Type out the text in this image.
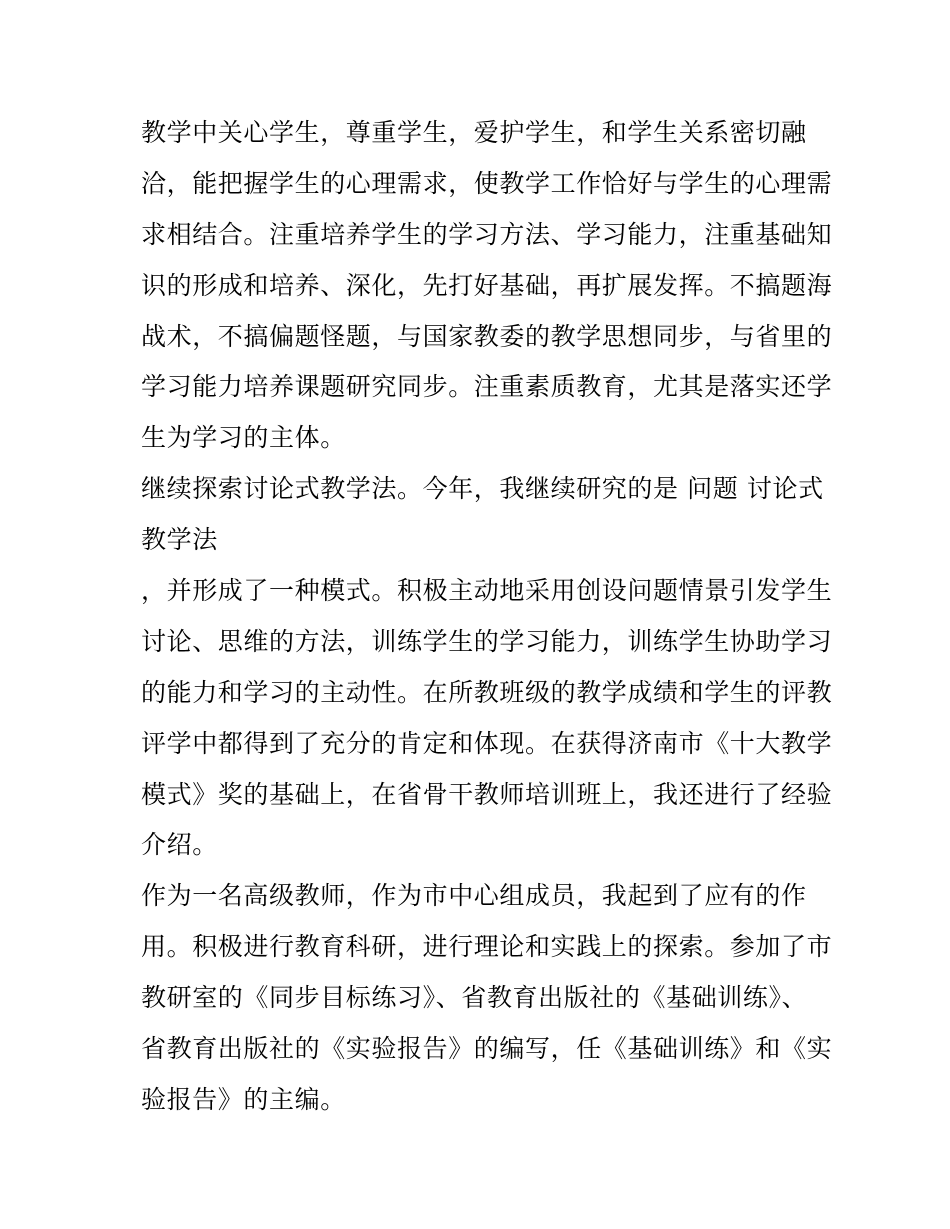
教学中关心学生，尊重学生，爱护学生，和学生关系密切融
洽，能把握学生的心理需求，使教学工作恰好与学生的心理需
求相结合。注重培养学生的学习方法、学习能力，注重基础知
识的形成和培养、深化，先打好基础，再扩展发挥。不搞题海
战术，不搞偏题怪题，与国家教委的教学思想同步，与省里的
学习能力培养课题研究同步。注重素质教育，尤其是落实还学
生为学习的主体。
继续探索讨论式教学法。今年，我继续研究的是 问题 讨论式
教学法
，并形成了一种模式。积极主动地采用创设问题情景引发学生
讨论、思维的方法，训练学生的学习能力，训练学生协助学习
的能力和学习的主动性。在所教班级的教学成绩和学生的评教
评学中都得到了充分的肯定和体现。在获得济南市《十大教学
模式》奖的基础上，在省骨干教师培训班上，我还进行了经验
介绍。
作为一名高级教师，作为市中心组成员，我起到了应有的作
用。积极进行教育科研，进行理论和实践上的探索。参加了市
教研室的《同步目标练习》、省教育出版社的《基础训练》、
省教育出版社的《实验报告》的编写，任《基础训练》和《实
验报告》的主编。
